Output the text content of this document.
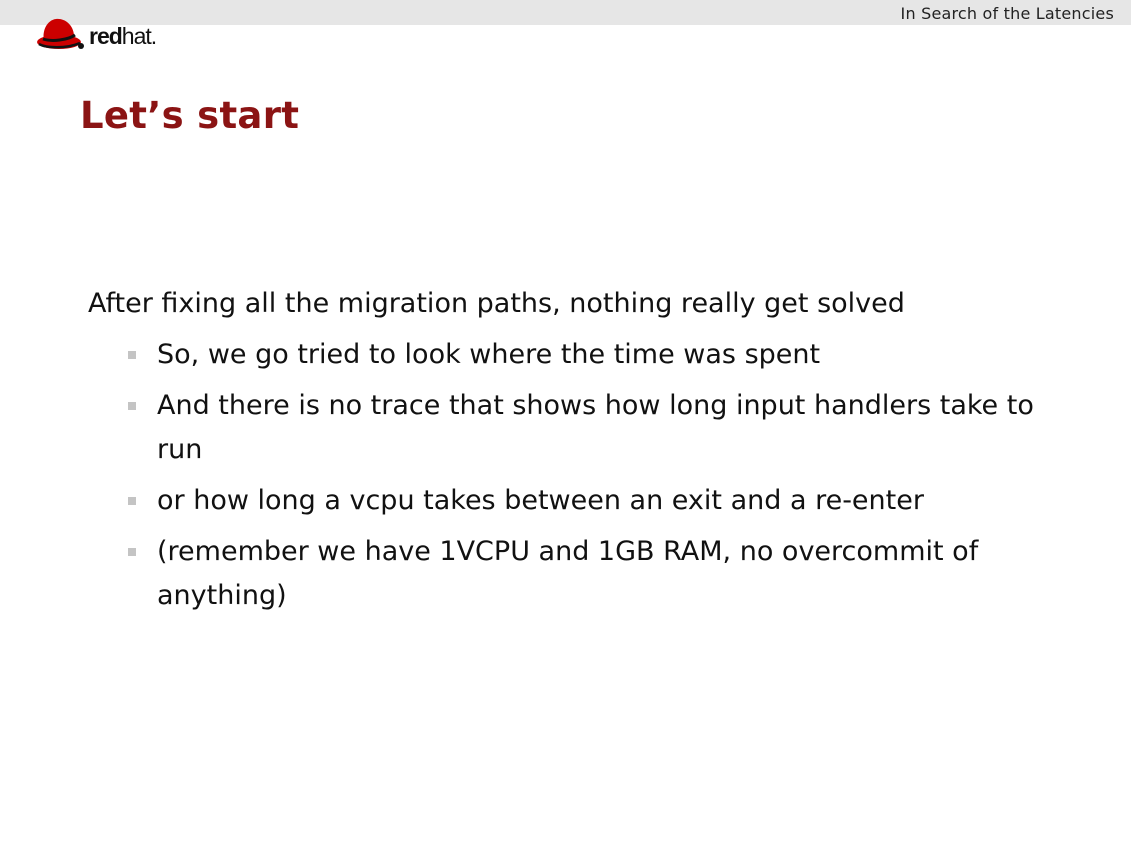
In Search of the Latencies
redhat.
Let’s start

After fixing all the migration paths, nothing really get solved

So, we go tried to look where the time was spent
And there is no trace that shows how long input handlers take to run
or how long a vcpu takes between an exit and a re-enter
(remember we have 1VCPU and 1GB RAM, no overcommit of anything)
